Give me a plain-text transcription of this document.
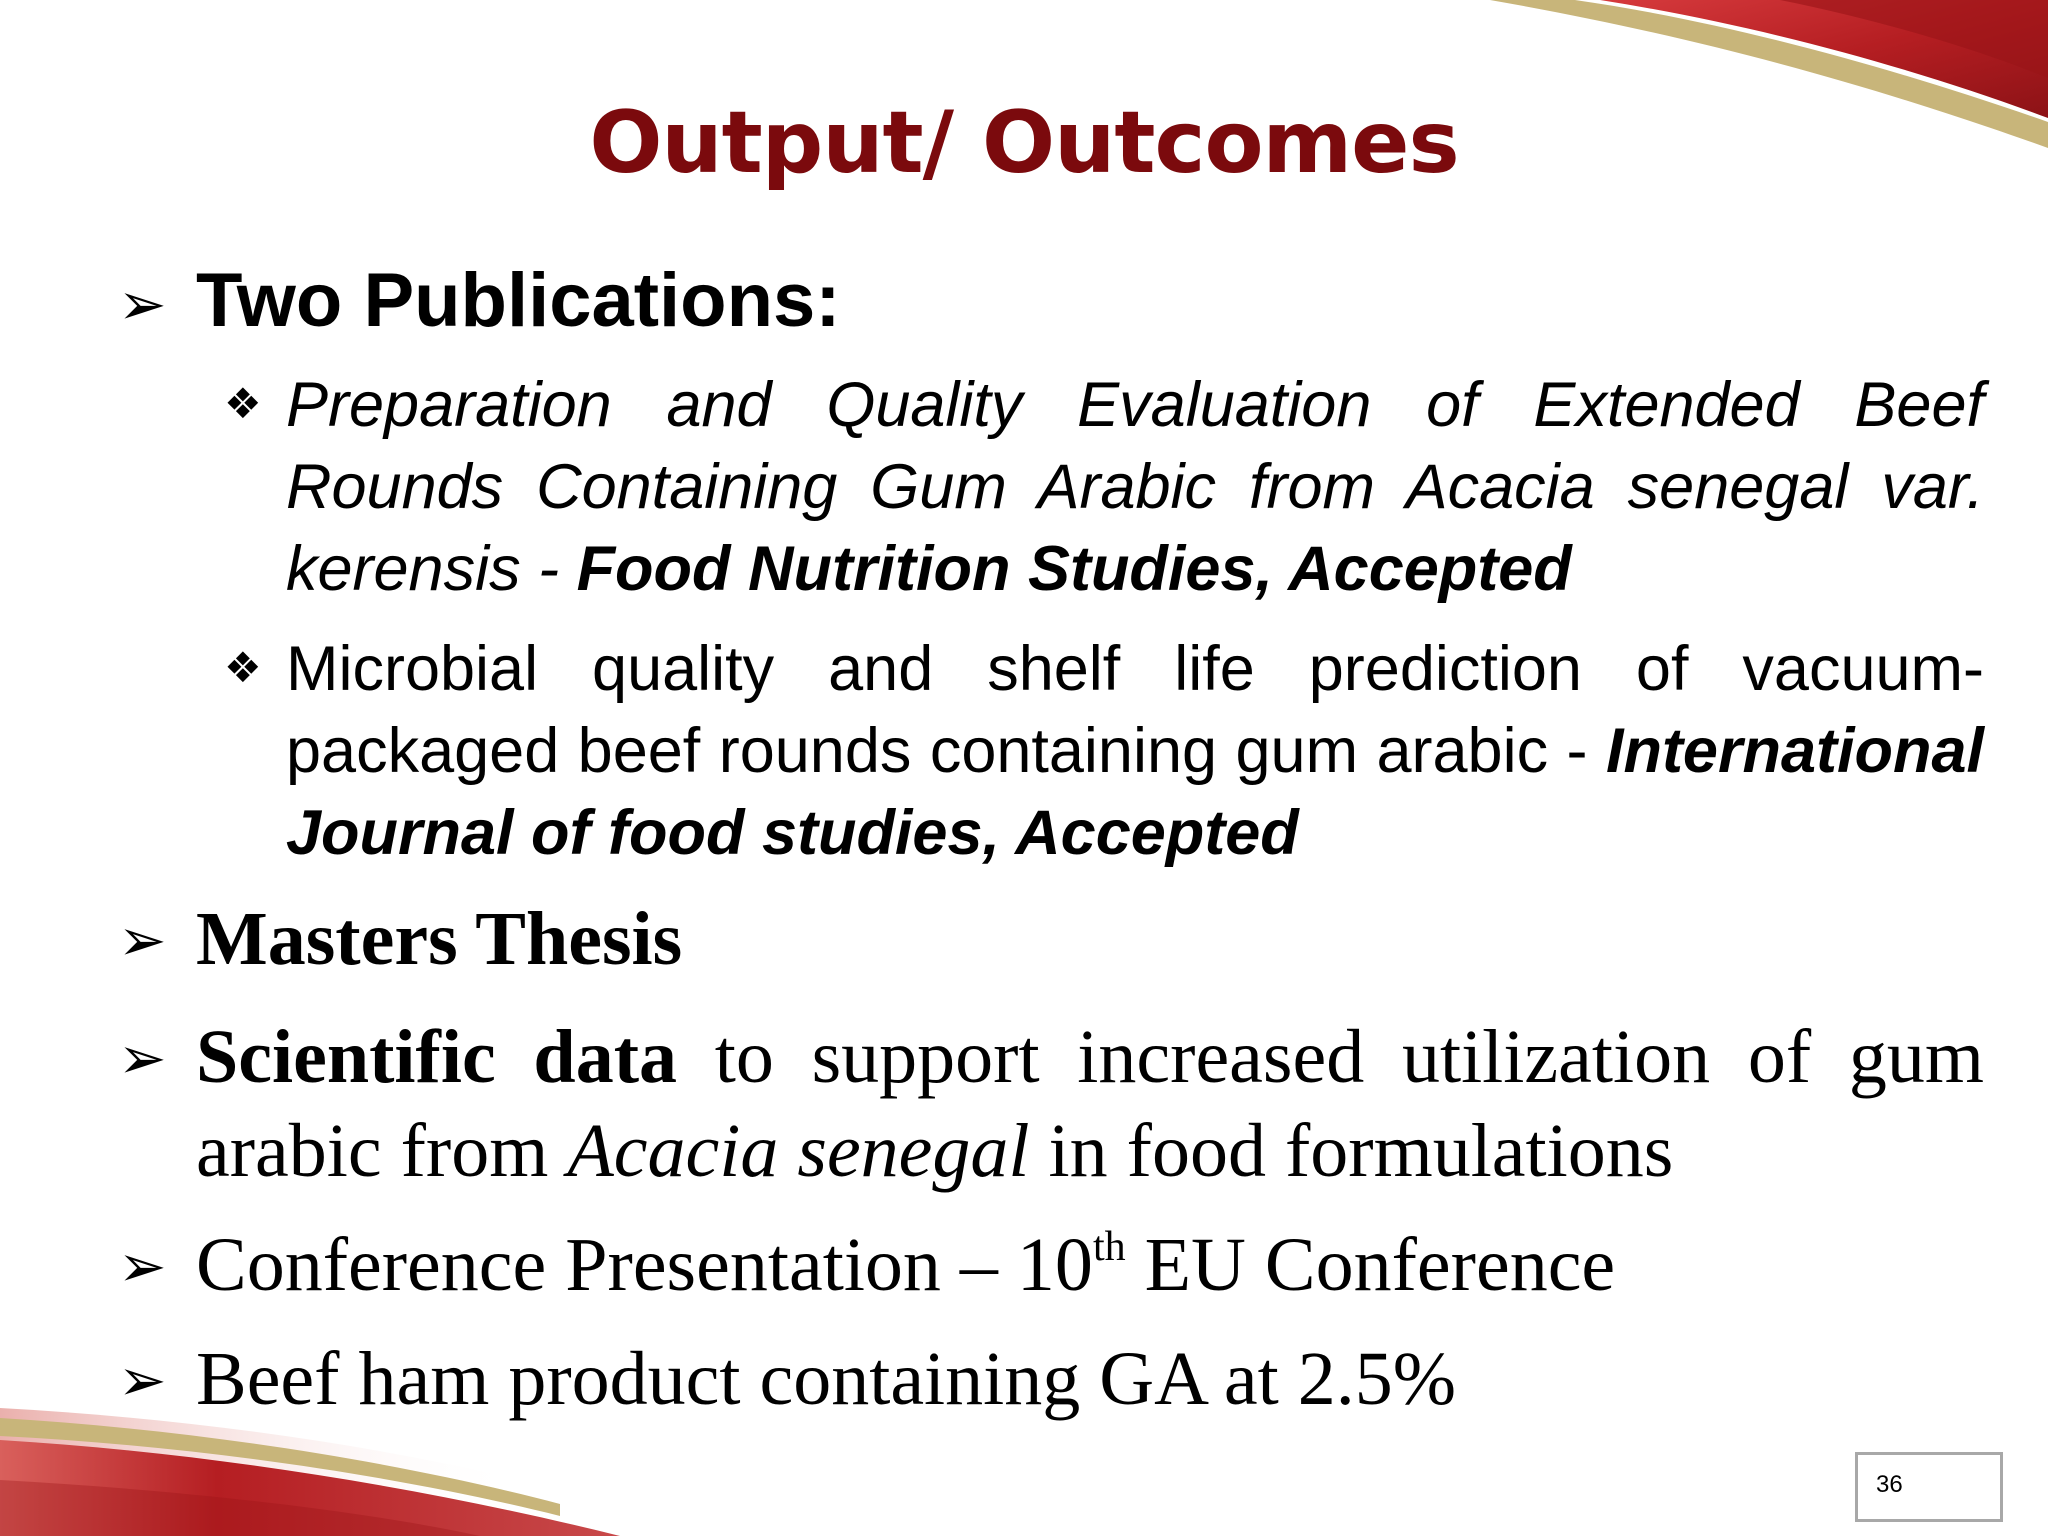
Output/ Outcomes
➢ Two Publications:
❖ Preparation and Quality Evaluation of Extended Beef Rounds Containing Gum Arabic from Acacia senegal var. kerensis - Food Nutrition Studies, Accepted
❖ Microbial quality and shelf life prediction of vacuum-packaged beef rounds containing gum arabic - International Journal of food studies, Accepted
➢ Masters Thesis
➢ Scientific data to support increased utilization of gum arabic from Acacia senegal in food formulations
➢ Conference Presentation – 10th EU Conference
➢ Beef ham product containing GA at 2.5%
36
